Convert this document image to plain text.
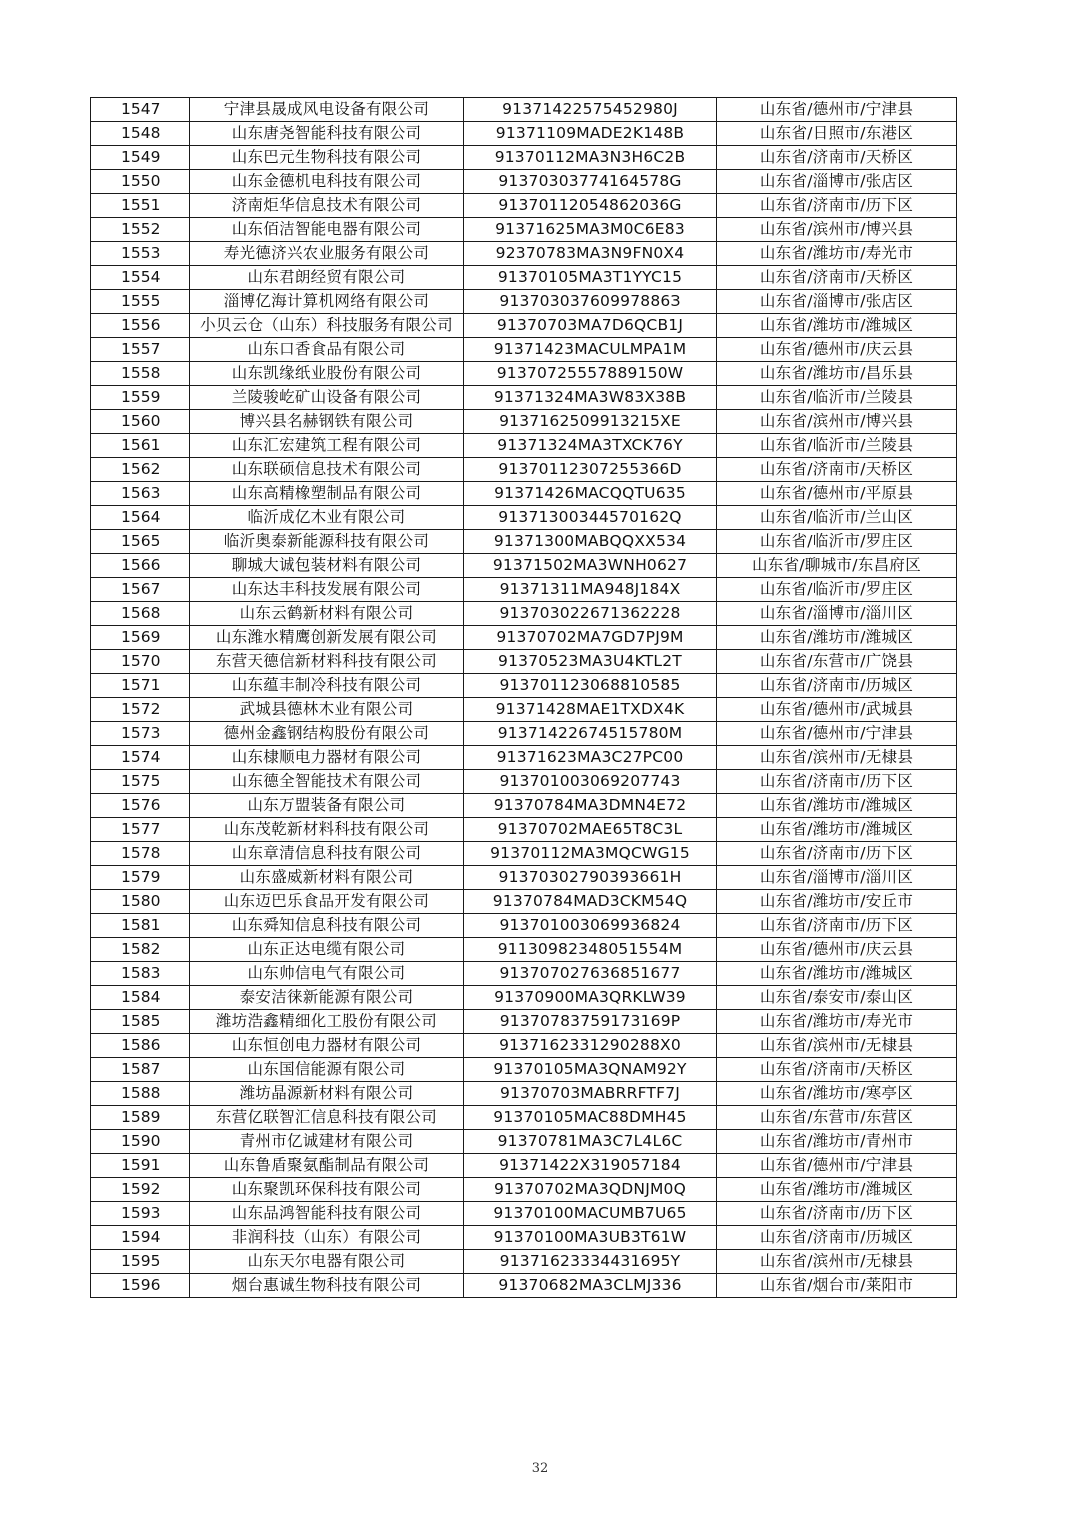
1547	宁津县晟成风电设备有限公司	91371422575452980J	山东省/德州市/宁津县
1548	山东唐尧智能科技有限公司	91371109MADE2K148B	山东省/日照市/东港区
1549	山东巴元生物科技有限公司	91370112MA3N3H6C2B	山东省/济南市/天桥区
1550	山东金德机电科技有限公司	91370303774164578G	山东省/淄博市/张店区
1551	济南炬华信息技术有限公司	91370112054862036G	山东省/济南市/历下区
1552	山东佰洁智能电器有限公司	91371625MA3M0C6E83	山东省/滨州市/博兴县
1553	寿光德济兴农业服务有限公司	92370783MA3N9FN0X4	山东省/潍坊市/寿光市
1554	山东君朗经贸有限公司	91370105MA3T1YYC15	山东省/济南市/天桥区
1555	淄博亿海计算机网络有限公司	91370303760997886З	山东省/淄博市/张店区
1556	小贝云仓（山东）科技服务有限公司	91370703MA7D6QCB1J	山东省/潍坊市/潍城区
1557	山东口香食品有限公司	91371423MACULMPA1M	山东省/德州市/庆云县
1558	山东凯缘纸业股份有限公司	91370725557889150W	山东省/潍坊市/昌乐县
1559	兰陵骏屹矿山设备有限公司	91371324MA3W83X38B	山东省/临沂市/兰陵县
1560	博兴县名赫钢铁有限公司	9137162509913215XE	山东省/滨州市/博兴县
1561	山东汇宏建筑工程有限公司	91371324MA3TXCK76Y	山东省/临沂市/兰陵县
1562	山东联硕信息技术有限公司	91370112307255366D	山东省/济南市/天桥区
1563	山东高精橡塑制品有限公司	91371426MACQQTU635	山东省/德州市/平原县
1564	临沂成亿木业有限公司	91371300344570162Q	山东省/临沂市/兰山区
1565	临沂奥泰新能源科技有限公司	91371300MABQQXX534	山东省/临沂市/罗庄区
1566	聊城大诚包装材料有限公司	91371502MA3WNH0627	山东省/聊城市/东昌府区
1567	山东达丰科技发展有限公司	91371311MA948J184X	山东省/临沂市/罗庄区
1568	山东云鹤新材料有限公司	913703022671362228	山东省/淄博市/淄川区
1569	山东潍水精鹰创新发展有限公司	91370702MA7GD7PJ9M	山东省/潍坊市/潍城区
1570	东营天德信新材料科技有限公司	91370523MA3U4KTL2T	山东省/东营市/广饶县
1571	山东蕴丰制冷科技有限公司	913701123068810585	山东省/济南市/历城区
1572	武城县德林木业有限公司	91371428MAE1TXDX4K	山东省/德州市/武城县
1573	德州金鑫钢结构股份有限公司	91371422674515780M	山东省/德州市/宁津县
1574	山东棣顺电力器材有限公司	91371623MA3C27PC00	山东省/滨州市/无棣县
1575	山东德全智能技术有限公司	913701003069207743	山东省/济南市/历下区
1576	山东万盟装备有限公司	91370784MA3DMN4E72	山东省/潍坊市/潍城区
1577	山东茂乾新材料科技有限公司	91370702MAE65T8C3L	山东省/潍坊市/潍城区
1578	山东章清信息科技有限公司	91370112MA3MQCWG15	山东省/济南市/历下区
1579	山东盛威新材料有限公司	91370302790393661H	山东省/淄博市/淄川区
1580	山东迈巴乐食品开发有限公司	91370784MAD3CKM54Q	山东省/潍坊市/安丘市
1581	山东舜知信息科技有限公司	913701003069936824	山东省/济南市/历下区
1582	山东正达电缆有限公司	91130982348051554M	山东省/德州市/庆云县
1583	山东帅信电气有限公司	913707027636851677	山东省/潍坊市/潍城区
1584	泰安洁徕新能源有限公司	91370900MA3QRKLW39	山东省/泰安市/泰山区
1585	潍坊浩鑫精细化工股份有限公司	91370783759173169P	山东省/潍坊市/寿光市
1586	山东恒创电力器材有限公司	9137162331290288X0	山东省/滨州市/无棣县
1587	山东国信能源有限公司	91370105MA3QNAM92Y	山东省/济南市/天桥区
1588	潍坊晶源新材料有限公司	91370703MABRRFTF7J	山东省/潍坊市/寒亭区
1589	东营亿联智汇信息科技有限公司	91370105MAC88DMH45	山东省/东营市/东营区
1590	青州市亿诚建材有限公司	91370781MA3C7L4L6C	山东省/潍坊市/青州市
1591	山东鲁盾聚氨酯制品有限公司	91371422X319057184	山东省/德州市/宁津县
1592	山东聚凯环保科技有限公司	91370702MA3QDNJM0Q	山东省/潍坊市/潍城区
1593	山东品鸿智能科技有限公司	91370100MACUMB7U65	山东省/济南市/历下区
1594	非润科技（山东）有限公司	91370100MA3UB3T61W	山东省/济南市/历城区
1595	山东天尔电器有限公司	91371623334431695Y	山东省/滨州市/无棣县
1596	烟台惠诚生物科技有限公司	91370682MA3CLMJ336	山东省/烟台市/莱阳市
32
